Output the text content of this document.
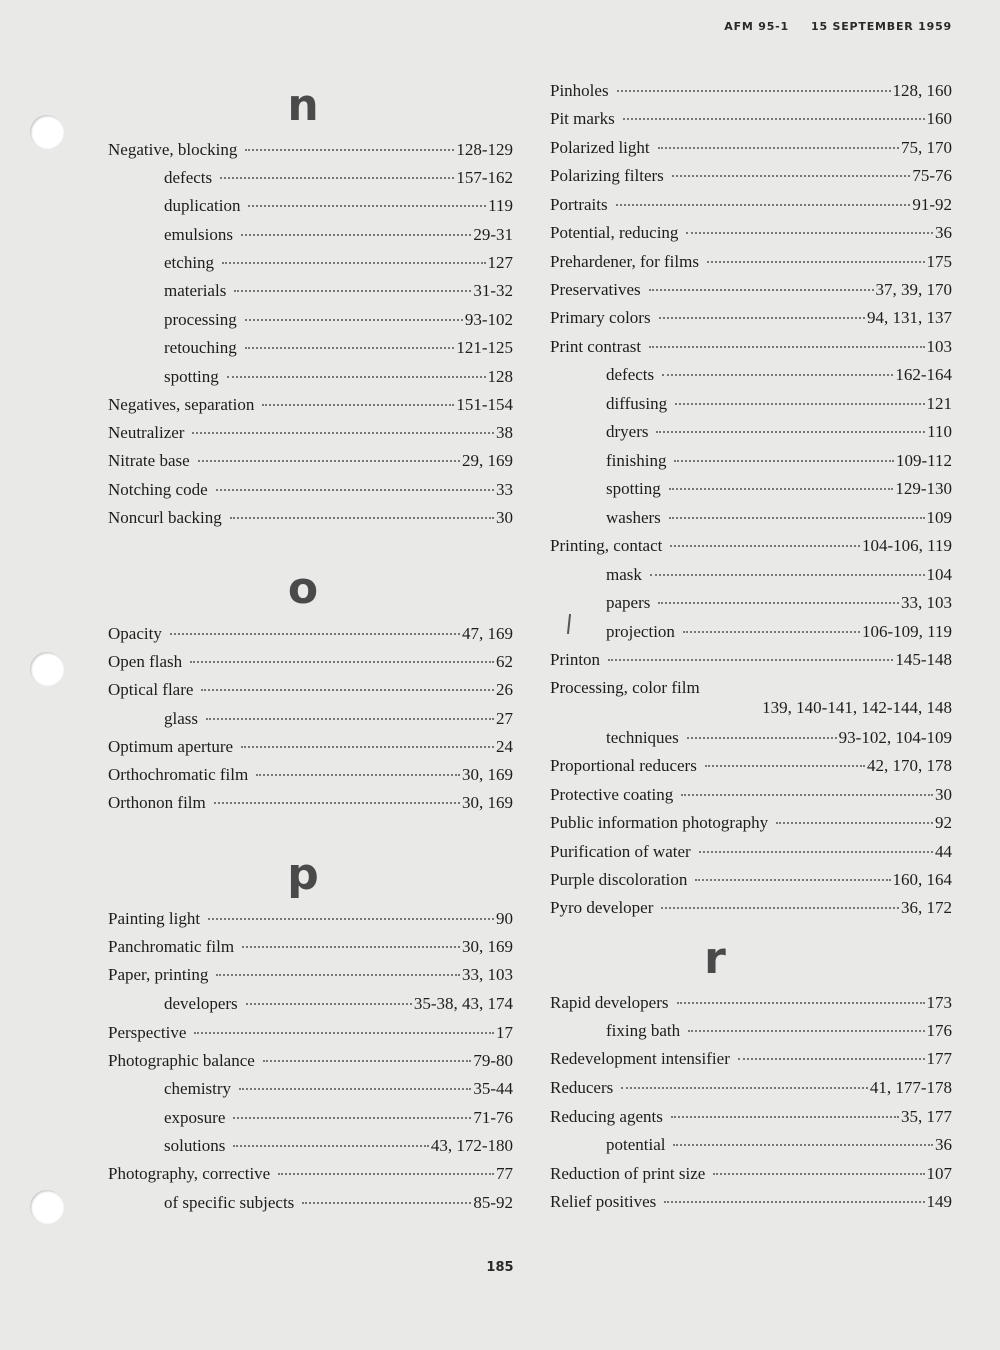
AFM 95-1 15 SEPTEMBER 1959
n
Negative, blocking	128-129
defects	157-162
duplication	119
emulsions	29-31
etching	127
materials	31-32
processing	93-102
retouching	121-125
spotting	128
Negatives, separation	151-154
Neutralizer	38
Nitrate base	29, 169
Notching code	33
Noncurl backing	30
o
Opacity	47, 169
Open flash	62
Optical flare	26
glass	27
Optimum aperture	24
Orthochromatic film	30, 169
Orthonon film	30, 169
p
Painting light	90
Panchromatic film	30, 169
Paper, printing	33, 103
developers	35-38, 43, 174
Perspective	17
Photographic balance	79-80
chemistry	35-44
exposure	71-76
solutions	43, 172-180
Photography, corrective	77
of specific subjects	85-92
Pinholes	128, 160
Pit marks	160
Polarized light	75, 170
Polarizing filters	75-76
Portraits	91-92
Potential, reducing	36
Prehardener, for films	175
Preservatives	37, 39, 170
Primary colors	94, 131, 137
Print contrast	103
defects	162-164
diffusing	121
dryers	110
finishing	109-112
spotting	129-130
washers	109
Printing, contact	104-106, 119
mask	104
papers	33, 103
projection	106-109, 119
Printon	145-148
Processing, color film
139, 140-141, 142-144, 148
techniques	93-102, 104-109
Proportional reducers	42, 170, 178
Protective coating	30
Public information photography	92
Purification of water	44
Purple discoloration	160, 164
Pyro developer	36, 172
r
Rapid developers	173
fixing bath	176
Redevelopment intensifier	177
Reducers	41, 177-178
Reducing agents	35, 177
potential	36
Reduction of print size	107
Relief positives	149
185
